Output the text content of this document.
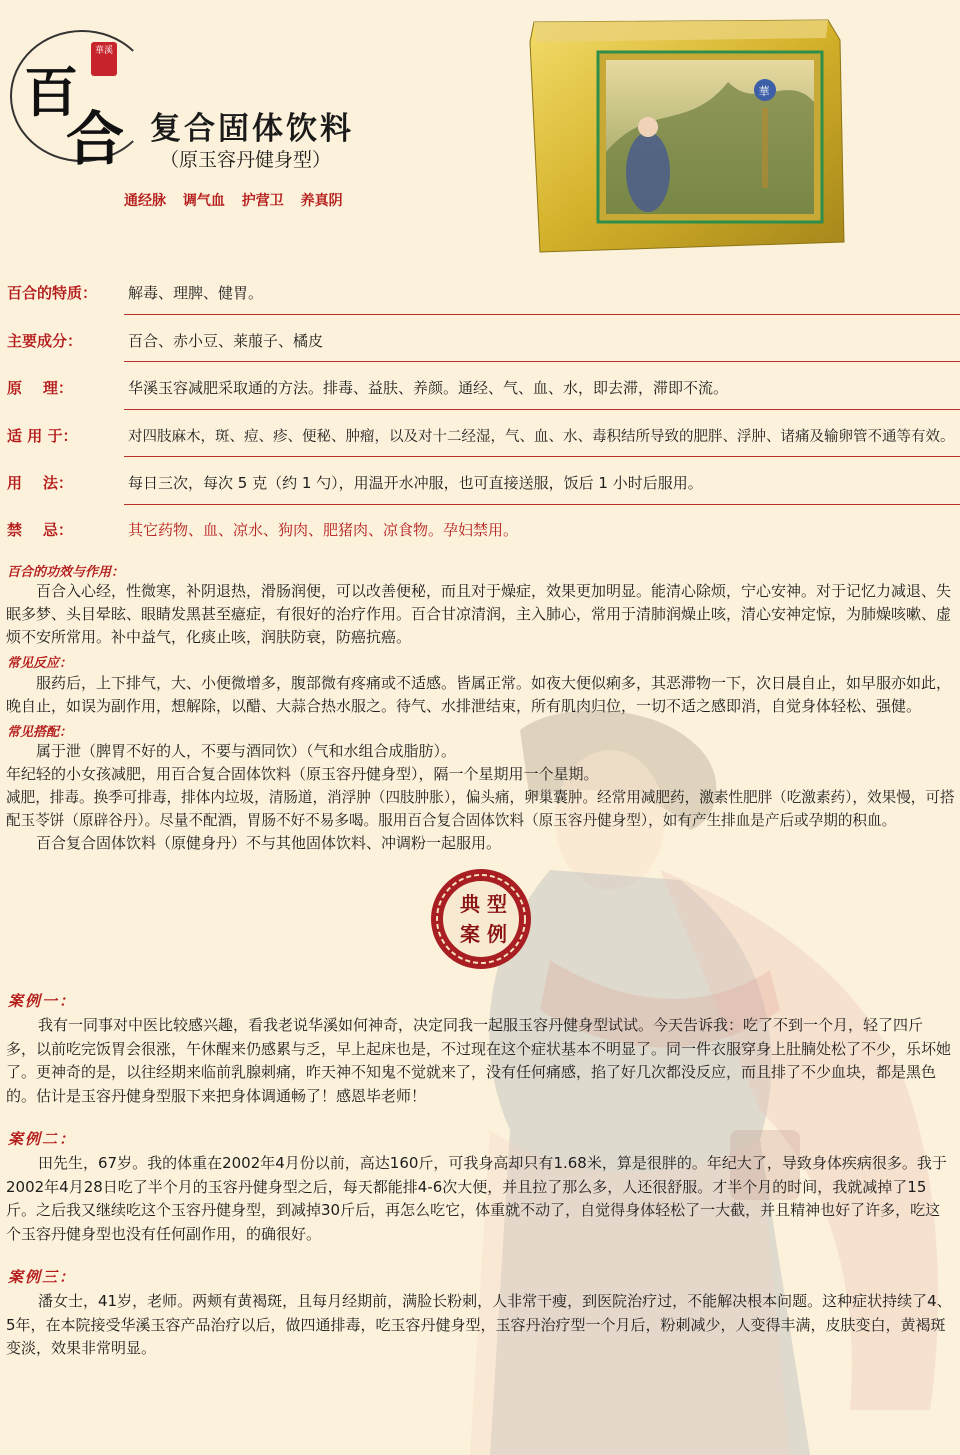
華溪
百
合 复合固体饮料
（原玉容丹健身型）
通经脉 调气血 护营卫 养真阴
華
百合的特质： 解毒、理脾、健胃。
主要成分：	百合、赤小豆、莱菔子、橘皮
原    理：	华溪玉容减肥采取通的方法。排毒、益肤、养颜。通经、气、血、水，即去滞，滞即不流。
适 用 于：	对四肢麻木，斑、痘、疹、便秘、肿瘤，以及对十二经湿，气、血、水、毒积结所导致的肥胖、浮肿、诸痛及输卵管不通等有效。
用    法：	每日三次，每次 5 克（约 1 勺），用温开水冲服，也可直接送服，饭后 1 小时后服用。
禁    忌：	其它药物、血、凉水、狗肉、肥猪肉、凉食物。孕妇禁用。
百合的功效与作用：

百合入心经，性微寒，补阴退热，滑肠润便，可以改善便秘，而且对于燥症，效果更加明显。能清心除烦，宁心安神。对于记忆力减退、失眠多梦、头目晕眩、眼睛发黑甚至癔症，有很好的治疗作用。百合甘凉清润，主入肺心，常用于清肺润燥止咳，清心安神定惊，为肺燥咳嗽、虚烦不安所常用。补中益气，化痰止咳，润肤防衰，防癌抗癌。

常见反应：

服药后，上下排气，大、小便微增多，腹部微有疼痛或不适感。皆属正常。如夜大便似痢多，其恶滞物一下，次日晨自止，如早服亦如此，晚自止，如误为副作用，想解除，以醋、大蒜合热水服之。待气、水排泄结束，所有肌肉归位，一切不适之感即消，自觉身体轻松、强健。

常见搭配：

属于泄（脾胃不好的人，不要与酒同饮）（气和水组合成脂肪）。

年纪轻的小女孩减肥，用百合复合固体饮料（原玉容丹健身型），隔一个星期用一个星期。

减肥，排毒。换季可排毒，排体内垃圾，清肠道，消浮肿（四肢肿胀），偏头痛，卵巢囊肿。经常用减肥药，激素性肥胖（吃激素药），效果慢，可搭配玉苓饼（原辟谷丹）。尽量不配酒，胃肠不好不易多喝。服用百合复合固体饮料（原玉容丹健身型），如有产生排血是产后或孕期的积血。

百合复合固体饮料（原健身丹）不与其他固体饮料、冲调粉一起服用。

典 型
案 例
案例一：
我有一同事对中医比较感兴趣，看我老说华溪如何神奇，决定同我一起服玉容丹健身型试试。今天告诉我：吃了不到一个月，轻了四斤多，以前吃完饭胃会很涨，午休醒来仍感累与乏，早上起床也是，不过现在这个症状基本不明显了。同一件衣服穿身上肚腩处松了不少，乐坏她了。更神奇的是，以往经期来临前乳腺刺痛，昨天神不知鬼不觉就来了，没有任何痛感，掐了好几次都没反应，而且排了不少血块，都是黑色的。估计是玉容丹健身型服下来把身体调通畅了！感恩毕老师！
案例二：
田先生，67岁。我的体重在2002年4月份以前，高达160斤，可我身高却只有1.68米，算是很胖的。年纪大了，导致身体疾病很多。我于2002年4月28日吃了半个月的玉容丹健身型之后，每天都能排4-6次大便，并且拉了那么多，人还很舒服。才半个月的时间，我就减掉了15斤。之后我又继续吃这个玉容丹健身型，到减掉30斤后，再怎么吃它，体重就不动了，自觉得身体轻松了一大截，并且精神也好了许多，吃这个玉容丹健身型也没有任何副作用，的确很好。
案例三：
潘女士，41岁，老师。两颊有黄褐斑，且每月经期前，满脸长粉刺，人非常干瘦，到医院治疗过，不能解决根本问题。这种症状持续了4、5年，在本院接受华溪玉容产品治疗以后，做四通排毒，吃玉容丹健身型，玉容丹治疗型一个月后，粉刺减少，人变得丰满，皮肤变白，黄褐斑变淡，效果非常明显。
